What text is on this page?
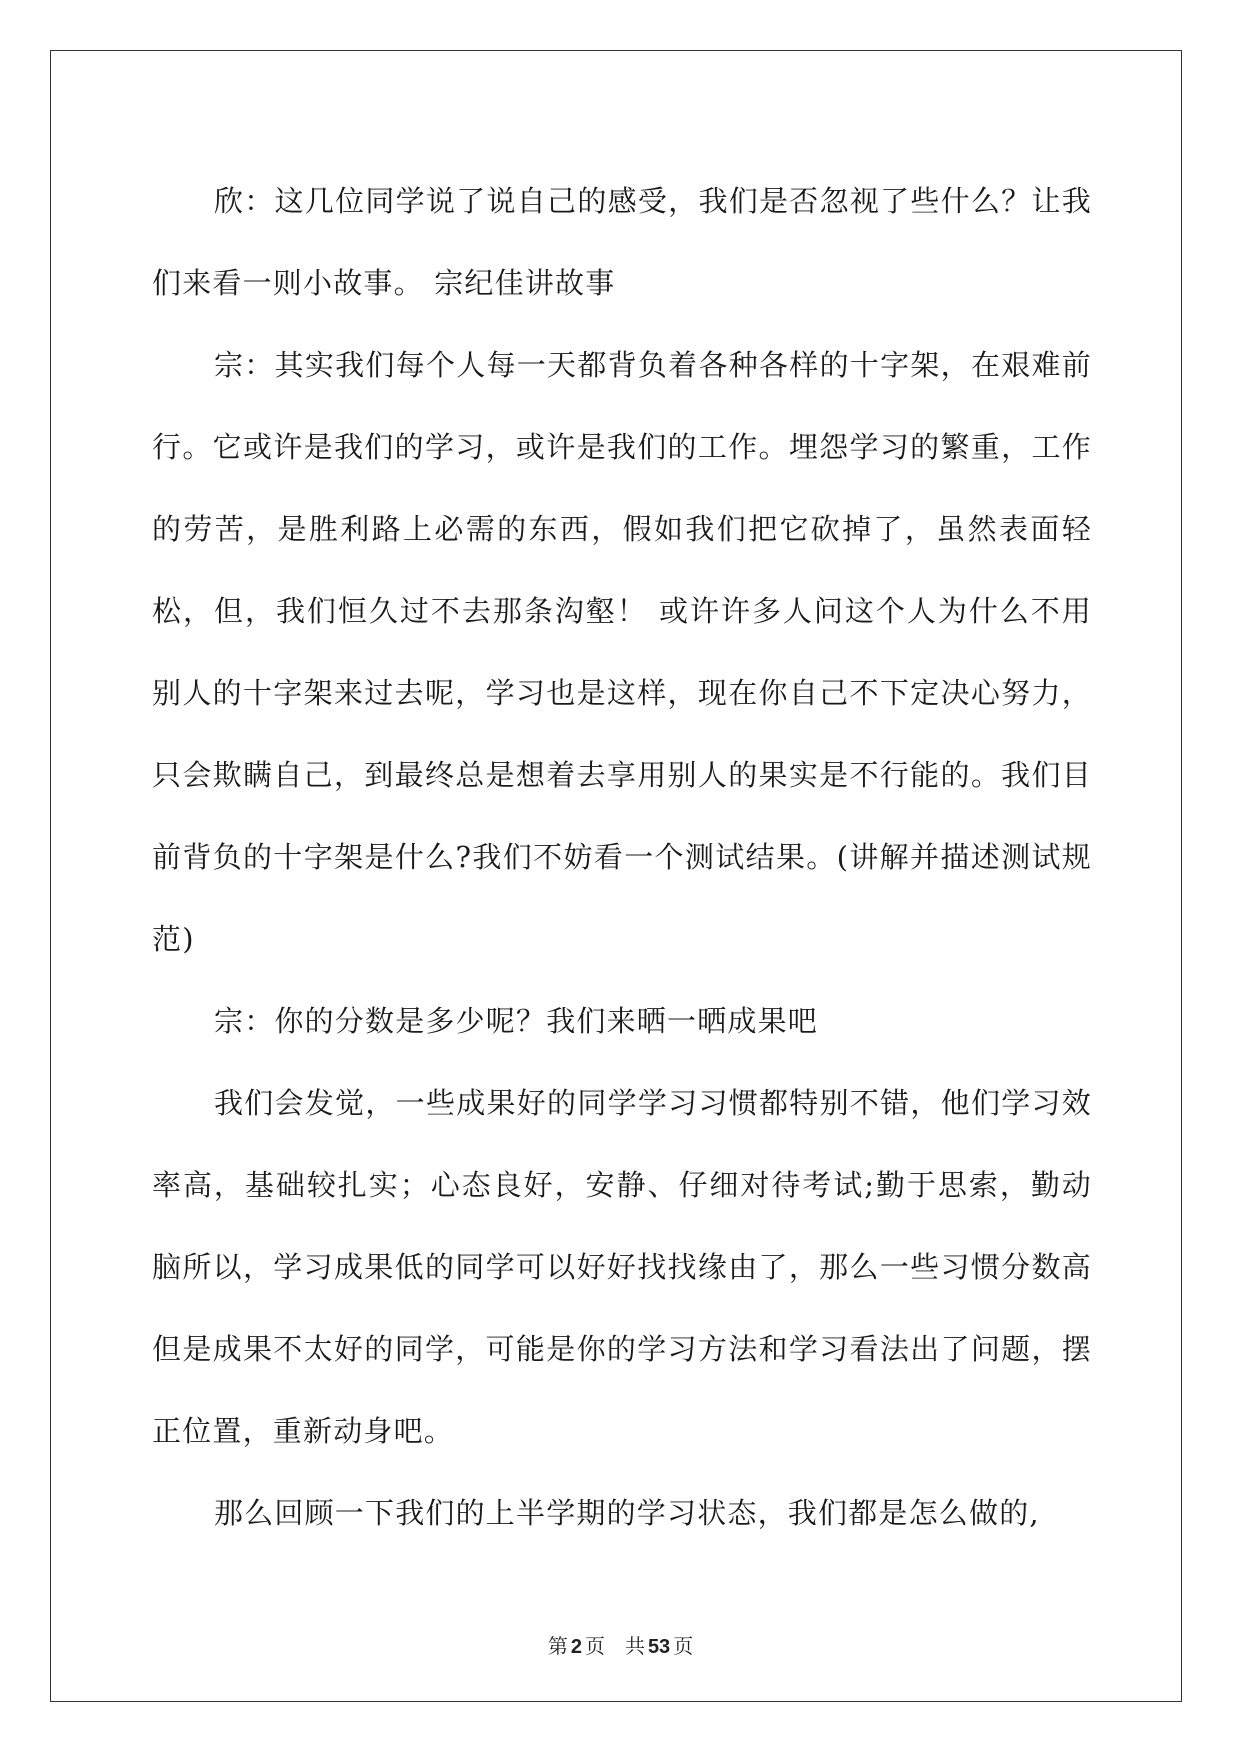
欣：这几位同学说了说自己的感受，我们是否忽视了些什么？让我们来看一则小故事。 宗纪佳讲故事

宗：其实我们每个人每一天都背负着各种各样的十字架，在艰难前行。它或许是我们的学习，或许是我们的工作。埋怨学习的繁重，工作的劳苦，是胜利路上必需的东西，假如我们把它砍掉了，虽然表面轻松，但，我们恒久过不去那条沟壑！ 或许许多人问这个人为什么不用别人的十字架来过去呢，学习也是这样，现在你自己不下定决心努力，只会欺瞒自己，到最终总是想着去享用别人的果实是不行能的。我们目前背负的十字架是什么?我们不妨看一个测试结果。(讲解并描述测试规范)

宗：你的分数是多少呢？我们来晒一晒成果吧

我们会发觉，一些成果好的同学学习习惯都特别不错，他们学习效率高，基础较扎实；心态良好，安静、仔细对待考试;勤于思索，勤动脑所以，学习成果低的同学可以好好找找缘由了，那么一些习惯分数高但是成果不太好的同学，可能是你的学习方法和学习看法出了问题，摆正位置，重新动身吧。

那么回顾一下我们的上半学期的学习状态，我们都是怎么做的,

第 2 页 共 53 页
